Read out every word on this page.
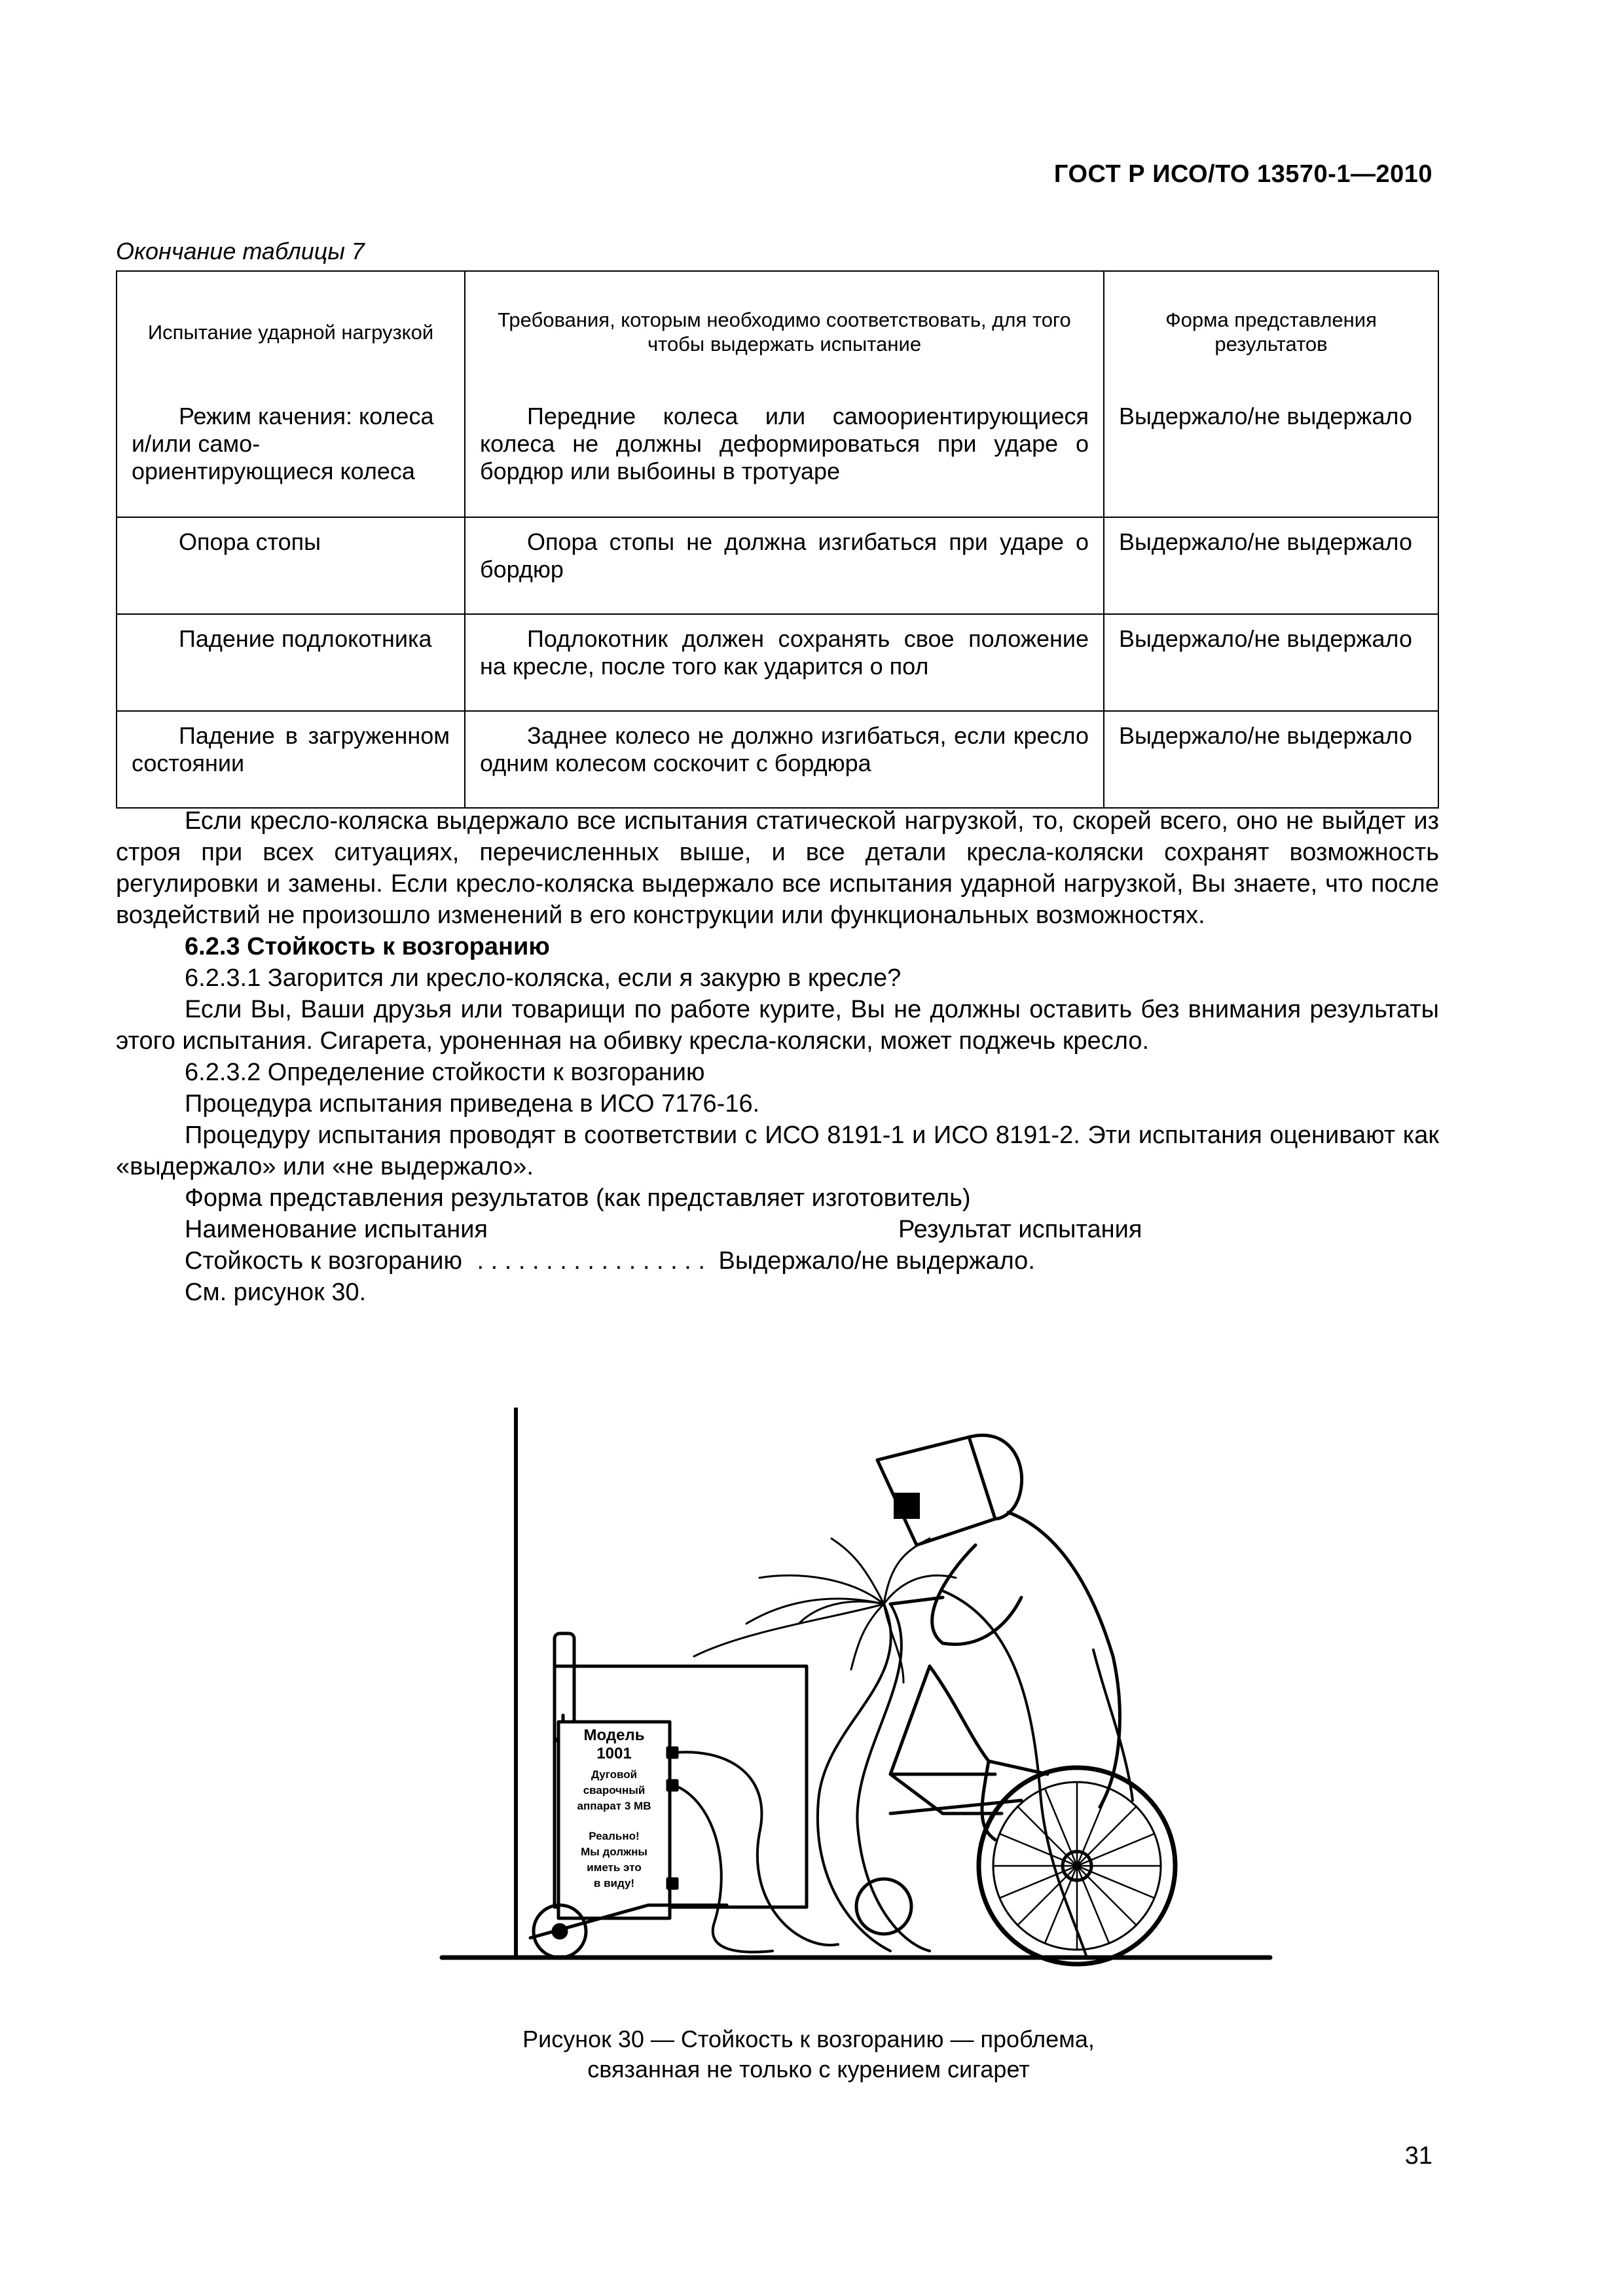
ГОСТ Р ИСО/ТО 13570-1—2010
Окончание таблицы 7
Испытание ударной нагрузкой	Требования, которым необходимо соответствовать, для того чтобы выдержать испытание	Форма представления результатов
Режим качения: колеса и/или само-ориентирующиеся колеса	Передние колеса или самоориентирующиеся колеса не должны деформироваться при ударе о бордюр или выбоины в тротуаре	Выдержало/не выдержало
Опора стопы	Опора стопы не должна изгибаться при ударе о бордюр	Выдержало/не выдержало
Падение подлокотника	Подлокотник должен сохранять свое положение на кресле, после того как ударится о пол	Выдержало/не выдержало
Падение в загруженном состоянии	Заднее колесо не должно изгибаться, если кресло одним колесом соскочит с бордюра	Выдержало/не выдержало

Если кресло-коляска выдержало все испытания статической нагрузкой, то, скорей всего, оно не выйдет из строя при всех ситуациях, перечисленных выше, и все детали кресла-коляски сохранят возможность регулировки и замены. Если кресло-коляска выдержало все испытания ударной нагрузкой, Вы знаете, что после воздействий не произошло изменений в его конструкции или функциональных возможностях.

6.2.3 Стойкость к возгоранию

6.2.3.1 Загорится ли кресло-коляска, если я закурю в кресле?

Если Вы, Ваши друзья или товарищи по работе курите, Вы не должны оставить без внимания результаты этого испытания. Сигарета, уроненная на обивку кресла-коляски, может поджечь кресло.

6.2.3.2 Определение стойкости к возгоранию

Процедура испытания приведена в ИСО 7176-16.

Процедуру испытания проводят в соответствии с ИСО 8191-1 и ИСО 8191-2. Эти испытания оценивают как «выдержало» или «не выдержало».

Форма представления результатов (как представляет изготовитель)

Наименование испытания	Результат испытания
Стойкость к возгоранию . . . . . . . . . . . . . . . . . Выдержало/не выдержало.

См. рисунок 30.

Модель
1001
Дуговой
сварочный
аппарат 3 МВ
Реально!
Мы должны
иметь это
в виду!
Рисунок 30 — Стойкость к возгоранию — проблема,
связанная не только с курением сигарет
31
